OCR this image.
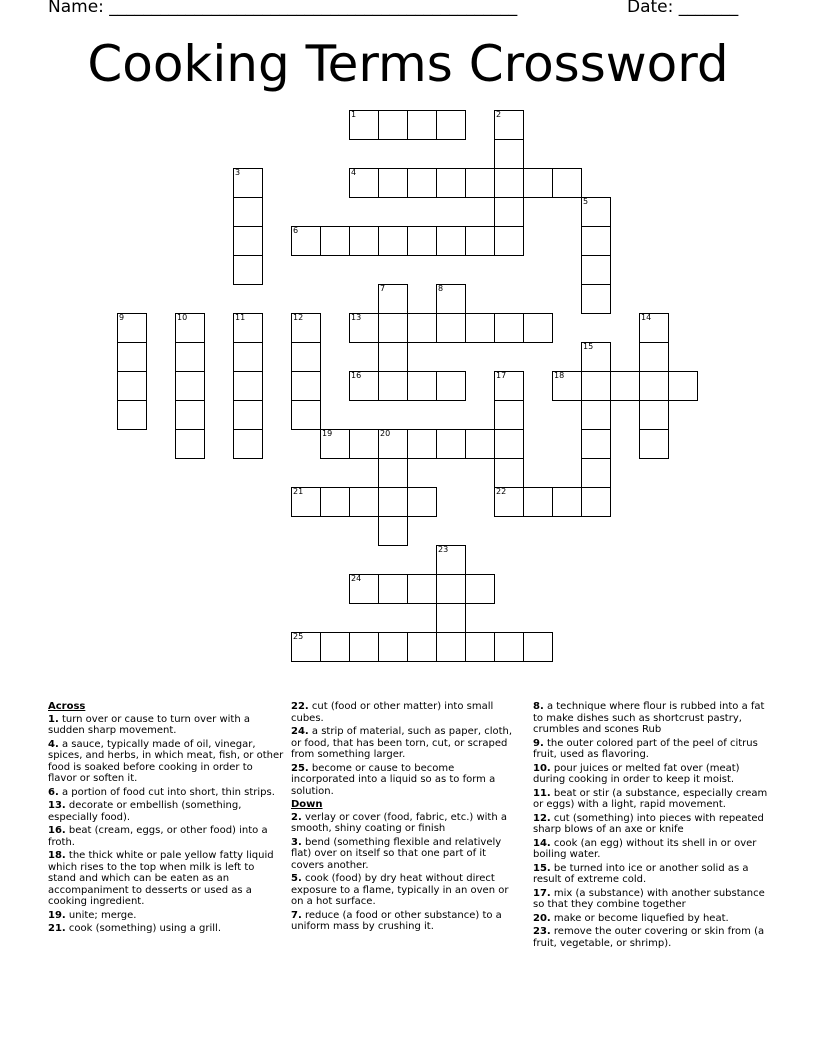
Name: ________________________________________________	Date: _______
Cooking Terms Crossword
1	2
3	4
5
6
7	8
9	10	11	12	13	14
15
16	17	18
19	20
21	22
23
24
25
Across
1. turn over or cause to turn over with a sudden sharp movement.
4. a sauce, typically made of oil, vinegar, spices, and herbs, in which meat, fish, or other food is soaked before cooking in order to flavor or soften it.
6. a portion of food cut into short, thin strips.
13. decorate or embellish (something, especially food).
16. beat (cream, eggs, or other food) into a froth.
18. the thick white or pale yellow fatty liquid which rises to the top when milk is left to stand and which can be eaten as an accompaniment to desserts or used as a cooking ingredient.
19. unite; merge.
21. cook (something) using a grill.
22. cut (food or other matter) into small cubes.
24. a strip of material, such as paper, cloth, or food, that has been torn, cut, or scraped from something larger.
25. become or cause to become incorporated into a liquid so as to form a solution.
Down
2. verlay or cover (food, fabric, etc.) with a smooth, shiny coating or finish
3. bend (something flexible and relatively flat) over on itself so that one part of it covers another.
5. cook (food) by dry heat without direct exposure to a flame, typically in an oven or on a hot surface.
7. reduce (a food or other substance) to a uniform mass by crushing it.
8. a technique where flour is rubbed into a fat to make dishes such as shortcrust pastry, crumbles and scones Rub
9. the outer colored part of the peel of citrus fruit, used as flavoring.
10. pour juices or melted fat over (meat) during cooking in order to keep it moist.
11. beat or stir (a substance, especially cream or eggs) with a light, rapid movement.
12. cut (something) into pieces with repeated sharp blows of an axe or knife
14. cook (an egg) without its shell in or over boiling water.
15. be turned into ice or another solid as a result of extreme cold.
17. mix (a substance) with another substance so that they combine together
20. make or become liquefied by heat.
23. remove the outer covering or skin from (a fruit, vegetable, or shrimp).
